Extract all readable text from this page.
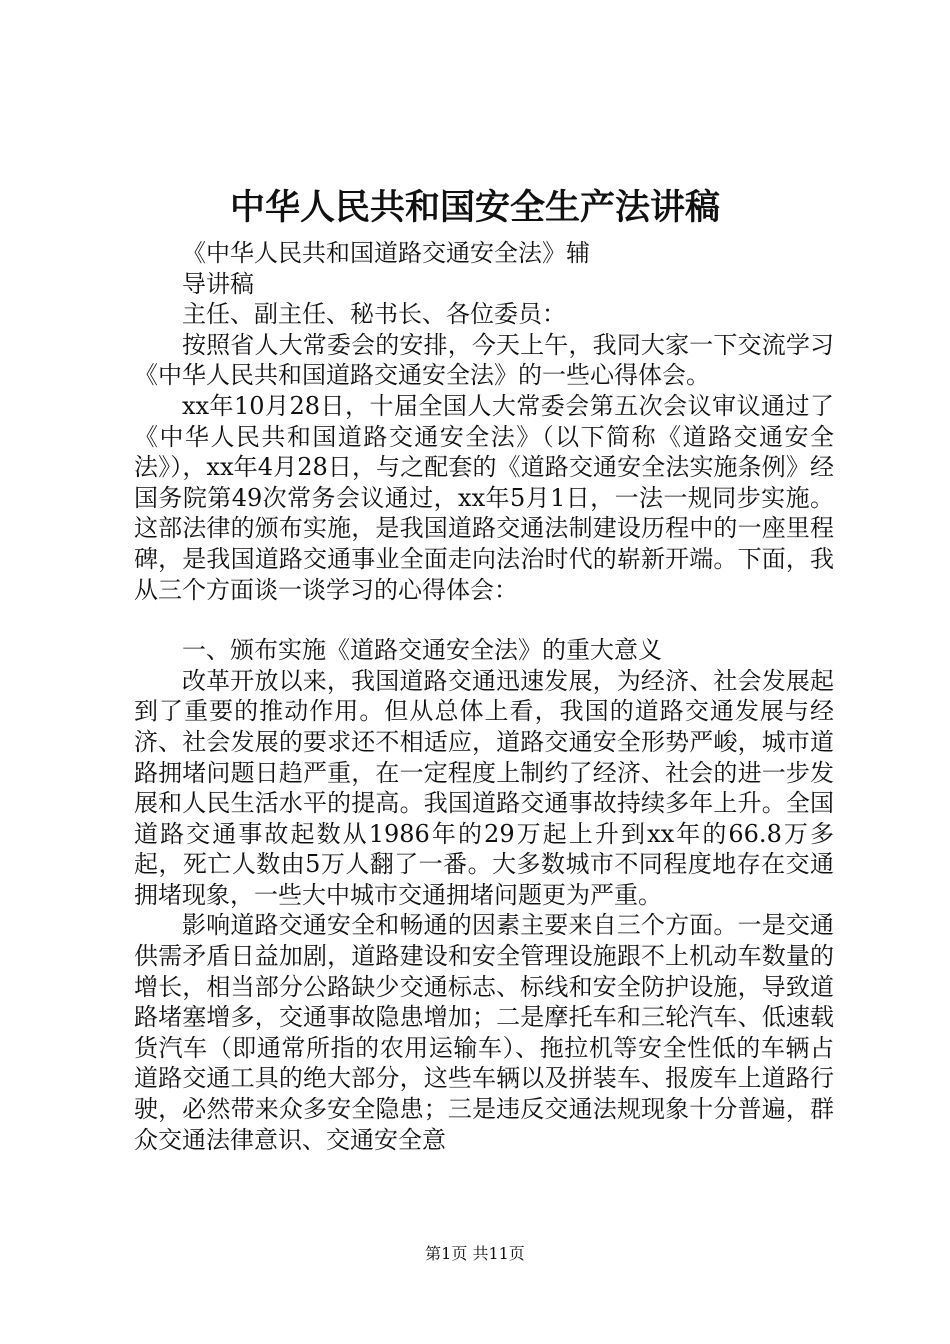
中华人民共和国安全生产法讲稿

《中华人民共和国道路交通安全法》辅

导讲稿

主任、副主任、秘书长、各位委员：

按照省人大常委会的安排，今天上午，我同大家一下交流学习《中华人民共和国道路交通安全法》的一些心得体会。

xx年10月28日，十届全国人大常委会第五次会议审议通过了《中华人民共和国道路交通安全法》（以下简称《道路交通安全法》），xx年4月28日，与之配套的《道路交通安全法实施条例》经国务院第49次常务会议通过，xx年5月1日，一法一规同步实施。这部法律的颁布实施，是我国道路交通法制建设历程中的一座里程碑，是我国道路交通事业全面走向法治时代的崭新开端。下面，我从三个方面谈一谈学习的心得体会：

一、颁布实施《道路交通安全法》的重大意义

改革开放以来，我国道路交通迅速发展，为经济、社会发展起到了重要的推动作用。但从总体上看，我国的道路交通发展与经济、社会发展的要求还不相适应，道路交通安全形势严峻，城市道路拥堵问题日趋严重，在一定程度上制约了经济、社会的进一步发展和人民生活水平的提高。我国道路交通事故持续多年上升。全国道路交通事故起数从1986年的29万起上升到xx年的66.8万多起，死亡人数由5万人翻了一番。大多数城市不同程度地存在交通拥堵现象，一些大中城市交通拥堵问题更为严重。

影响道路交通安全和畅通的因素主要来自三个方面。一是交通供需矛盾日益加剧，道路建设和安全管理设施跟不上机动车数量的增长，相当部分公路缺少交通标志、标线和安全防护设施，导致道路堵塞增多，交通事故隐患增加；二是摩托车和三轮汽车、低速载货汽车（即通常所指的农用运输车）、拖拉机等安全性低的车辆占道路交通工具的绝大部分，这些车辆以及拼装车、报废车上道路行驶，必然带来众多安全隐患；三是违反交通法规现象十分普遍，群众交通法律意识、交通安全意

第1页 共11页
